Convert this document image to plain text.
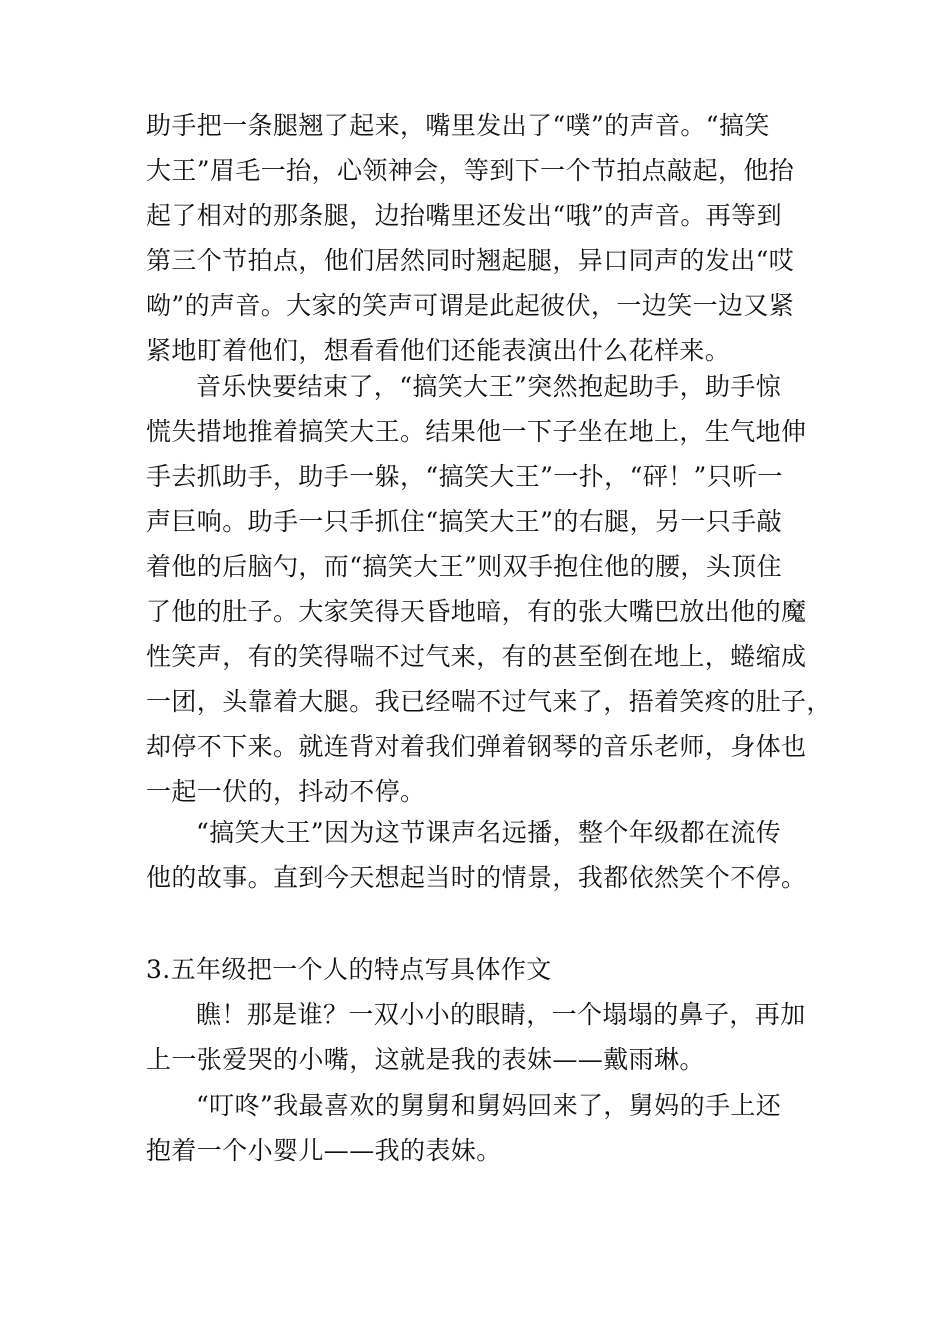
助手把一条腿翘了起来，嘴里发出了“噗”的声音。“搞笑
大王”眉毛一抬，心领神会，等到下一个节拍点敲起，他抬
起了相对的那条腿，边抬嘴里还发出“哦”的声音。再等到
第三个节拍点，他们居然同时翘起腿，异口同声的发出“哎
呦”的声音。大家的笑声可谓是此起彼伏，一边笑一边又紧
紧地盯着他们，想看看他们还能表演出什么花样来。
音乐快要结束了，“搞笑大王”突然抱起助手，助手惊
慌失措地推着搞笑大王。结果他一下子坐在地上，生气地伸
手去抓助手，助手一躲，“搞笑大王”一扑，“砰！”只听一
声巨响。助手一只手抓住“搞笑大王”的右腿，另一只手敲
着他的后脑勺，而“搞笑大王”则双手抱住他的腰，头顶住
了他的肚子。大家笑得天昏地暗，有的张大嘴巴放出他的魔
性笑声，有的笑得喘不过气来，有的甚至倒在地上，蜷缩成
一团，头靠着大腿。我已经喘不过气来了，捂着笑疼的肚子，
却停不下来。就连背对着我们弹着钢琴的音乐老师，身体也
一起一伏的，抖动不停。
“搞笑大王”因为这节课声名远播，整个年级都在流传
他的故事。直到今天想起当时的情景，我都依然笑个不停。
3.五年级把一个人的特点写具体作文
瞧！那是谁？一双小小的眼睛，一个塌塌的鼻子，再加
上一张爱哭的小嘴，这就是我的表妹——戴雨琳。
“叮咚”我最喜欢的舅舅和舅妈回来了，舅妈的手上还
抱着一个小婴儿——我的表妹。
